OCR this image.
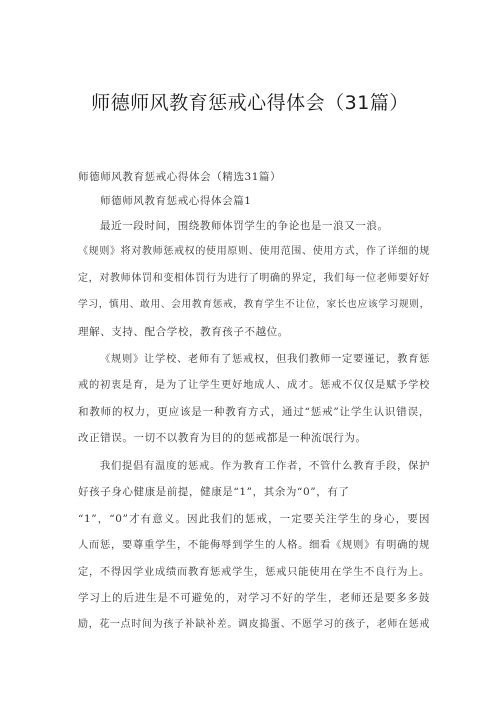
师德师风教育惩戒心得体会（31篇）
师德师风教育惩戒心得体会（精选31篇）
师德师风教育惩戒心得体会篇1
最近一段时间，围绕教师体罚学生的争论也是一浪又一浪。
《规则》将对教师惩戒权的使用原则、使用范围、使用方式，作了详细的规
定，对教师体罚和变相体罚行为进行了明确的界定，我们每一位老师要好好
学习，慎用、敢用、会用教育惩戒，教育学生不让位，家长也应该学习规则，
理解、支持、配合学校，教育孩子不越位。
《规则》让学校、老师有了惩戒权，但我们教师一定要谨记，教育惩
戒的初衷是育，是为了让学生更好地成人、成才。惩戒不仅仅是赋予学校
和教师的权力，更应该是一种教育方式，通过“惩戒”让学生认识错误，
改正错误。一切不以教育为目的的惩戒都是一种流氓行为。
我们提倡有温度的惩戒。作为教育工作者，不管什么教育手段，保护
好孩子身心健康是前提，健康是“1”，其余为“0”，有了
“1”，“0”才有意义。因此我们的惩戒，一定要关注学生的身心，要因
人而惩，要尊重学生，不能侮辱到学生的人格。细看《规则》有明确的规
定，不得因学业成绩而教育惩戒学生，惩戒只能使用在学生不良行为上。
学习上的后进生是不可避免的，对学习不好的学生，老师还是要多多鼓
励，花一点时间为孩子补缺补差。调皮捣蛋、不愿学习的孩子，老师在惩戒
